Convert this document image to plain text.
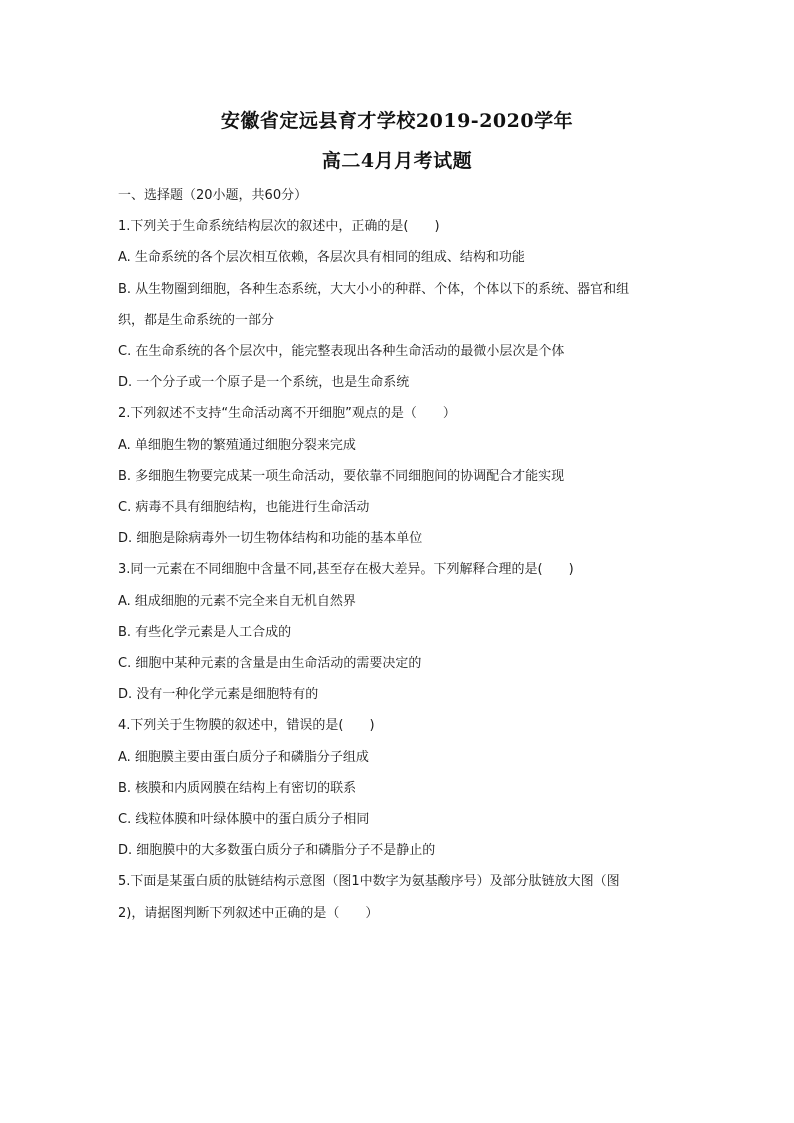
安徽省定远县育才学校2019-2020学年
高二4月月考试题
一、选择题（20小题，共60分）
1.下列关于生命系统结构层次的叙述中，正确的是(　　)
A. 生命系统的各个层次相互依赖，各层次具有相同的组成、结构和功能
B. 从生物圈到细胞，各种生态系统，大大小小的种群、个体，个体以下的系统、器官和组
织，都是生命系统的一部分
C. 在生命系统的各个层次中，能完整表现出各种生命活动的最微小层次是个体
D. 一个分子或一个原子是一个系统，也是生命系统
2.下列叙述不支持“生命活动离不开细胞”观点的是（　　）
A. 单细胞生物的繁殖通过细胞分裂来完成
B. 多细胞生物要完成某一项生命活动，要依靠不同细胞间的协调配合才能实现
C. 病毒不具有细胞结构，也能进行生命活动
D. 细胞是除病毒外一切生物体结构和功能的基本单位
3.同一元素在不同细胞中含量不同,甚至存在极大差异。下列解释合理的是(　　)
A. 组成细胞的元素不完全来自无机自然界
B. 有些化学元素是人工合成的
C. 细胞中某种元素的含量是由生命活动的需要决定的
D. 没有一种化学元素是细胞特有的
4.下列关于生物膜的叙述中，错误的是(　　)
A. 细胞膜主要由蛋白质分子和磷脂分子组成
B. 核膜和内质网膜在结构上有密切的联系
C. 线粒体膜和叶绿体膜中的蛋白质分子相同
D. 细胞膜中的大多数蛋白质分子和磷脂分子不是静止的
5.下面是某蛋白质的肽链结构示意图（图1中数字为氨基酸序号）及部分肽链放大图（图
2)，请据图判断下列叙述中正确的是（　　）
